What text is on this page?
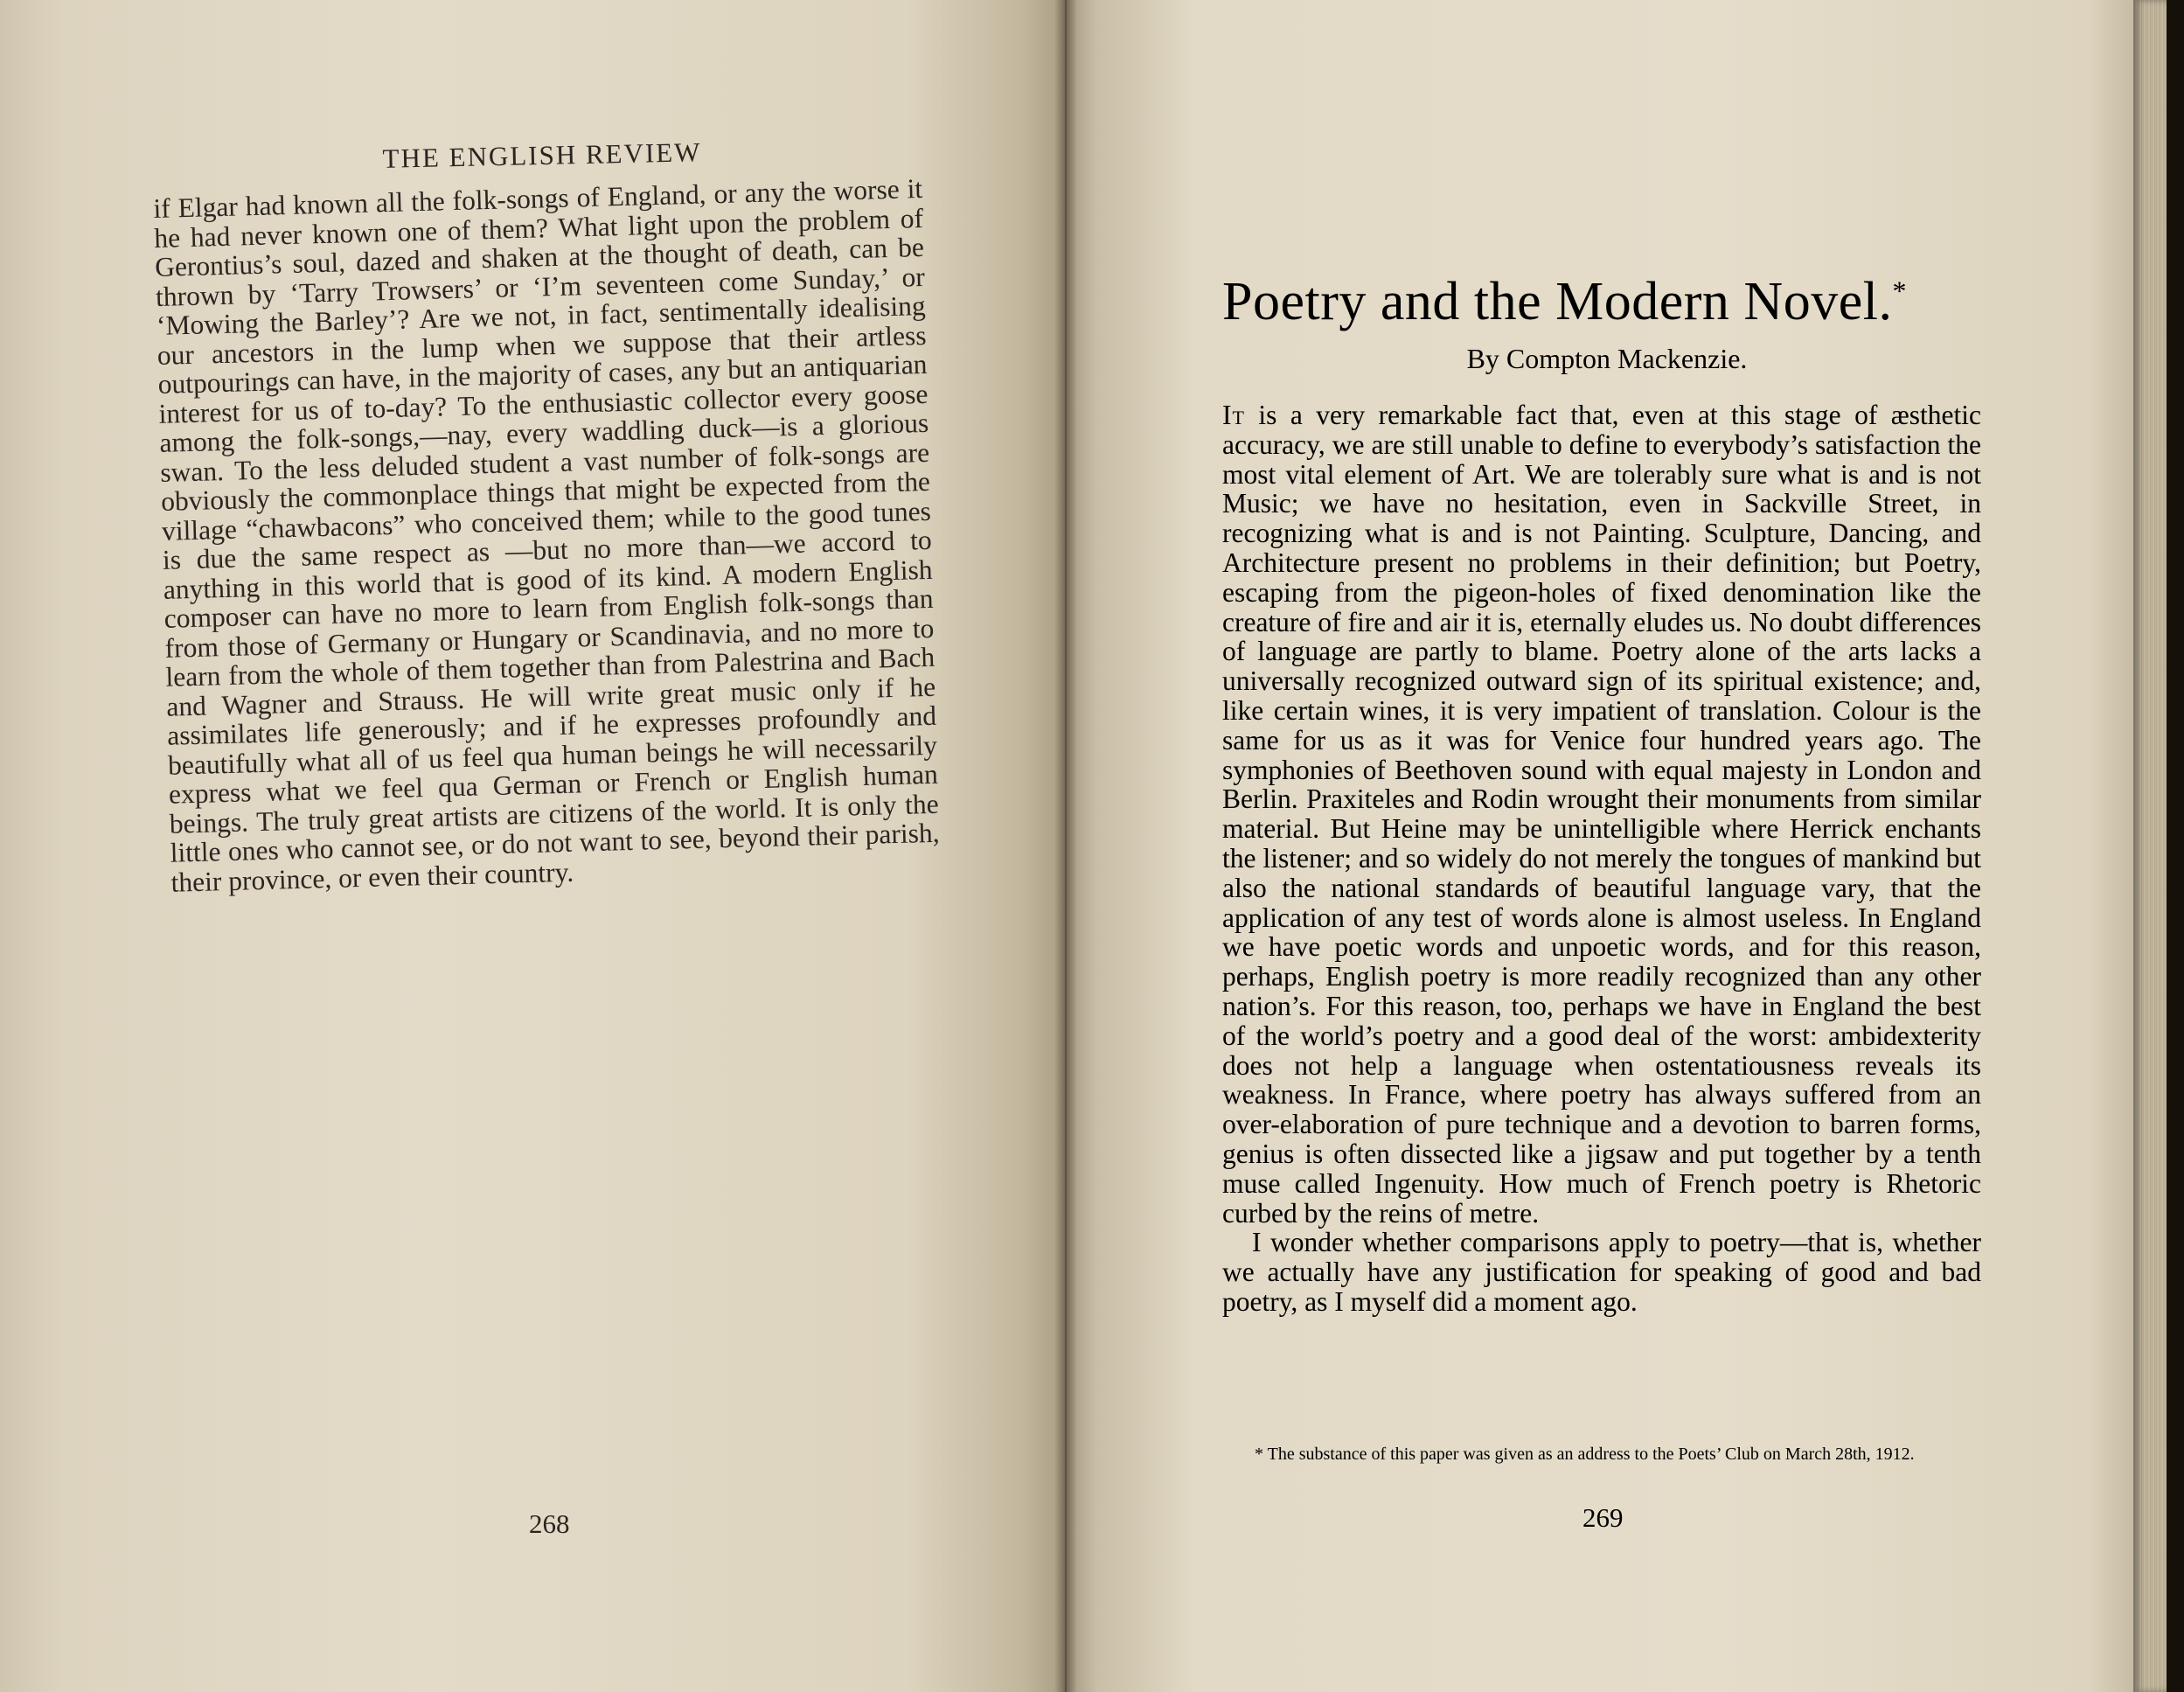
THE ENGLISH REVIEW

if Elgar had known all the folk-songs of England, or any the worse it he had never known one of them? What light upon the problem of Gerontius’s soul, dazed and shaken at the thought of death, can be thrown by ‘Tarry Trowsers’ or ‘I’m seventeen come Sunday,’ or ‘Mowing the Barley’? Are we not, in fact, sentimentally idealising our ancestors in the lump when we suppose that their artless outpourings can have, in the majority of cases, any but an antiquarian interest for us of to-day? To the enthusiastic collector every goose among the folk-songs,—nay, every waddling duck—is a glorious swan. To the less deluded student a vast number of folk-songs are obviously the commonplace things that might be expected from the village “chawbacons” who conceived them; while to the good tunes is due the same respect as —but no more than—we accord to anything in this world that is good of its kind. A modern English composer can have no more to learn from English folk-songs than from those of Germany or Hungary or Scandinavia, and no more to learn from the whole of them together than from Palestrina and Bach and Wagner and Strauss. He will write great music only if he assimilates life generously; and if he expresses profoundly and beautifully what all of us feel qua human beings he will necessarily express what we feel qua German or French or English human beings. The truly great artists are citizens of the world. It is only the little ones who cannot see, or do not want to see, beyond their parish, their province, or even their country.

268
Poetry and the Modern Novel.*
By Compton Mackenzie.

It is a very remarkable fact that, even at this stage of æsthetic accuracy, we are still unable to define to everybody’s satisfaction the most vital element of Art. We are tolerably sure what is and is not Music; we have no hesitation, even in Sackville Street, in recognizing what is and is not Painting. Sculpture, Dancing, and Architecture present no problems in their definition; but Poetry, escaping from the pigeon-holes of fixed denomination like the creature of fire and air it is, eternally eludes us. No doubt differences of language are partly to blame. Poetry alone of the arts lacks a universally recognized outward sign of its spiritual existence; and, like certain wines, it is very impatient of translation. Colour is the same for us as it was for Venice four hundred years ago. The symphonies of Beethoven sound with equal majesty in London and Berlin. Praxiteles and Rodin wrought their monuments from similar material. But Heine may be unintelligible where Herrick enchants the listener; and so widely do not merely the tongues of mankind but also the national standards of beautiful language vary, that the application of any test of words alone is almost useless. In England we have poetic words and unpoetic words, and for this reason, perhaps, English poetry is more readily recognized than any other nation’s. For this reason, too, perhaps we have in England the best of the world’s poetry and a good deal of the worst: ambidexterity does not help a language when ostentatiousness reveals its weakness. In France, where poetry has always suffered from an over-elaboration of pure technique and a devotion to barren forms, genius is often dissected like a jigsaw and put together by a tenth muse called Ingenuity. How much of French poetry is Rhetoric curbed by the reins of metre.

I wonder whether comparisons apply to poetry—that is, whether we actually have any justification for speaking of good and bad poetry, as I myself did a moment ago.

* The substance of this paper was given as an address to the Poets’ Club on March 28th, 1912.
269
